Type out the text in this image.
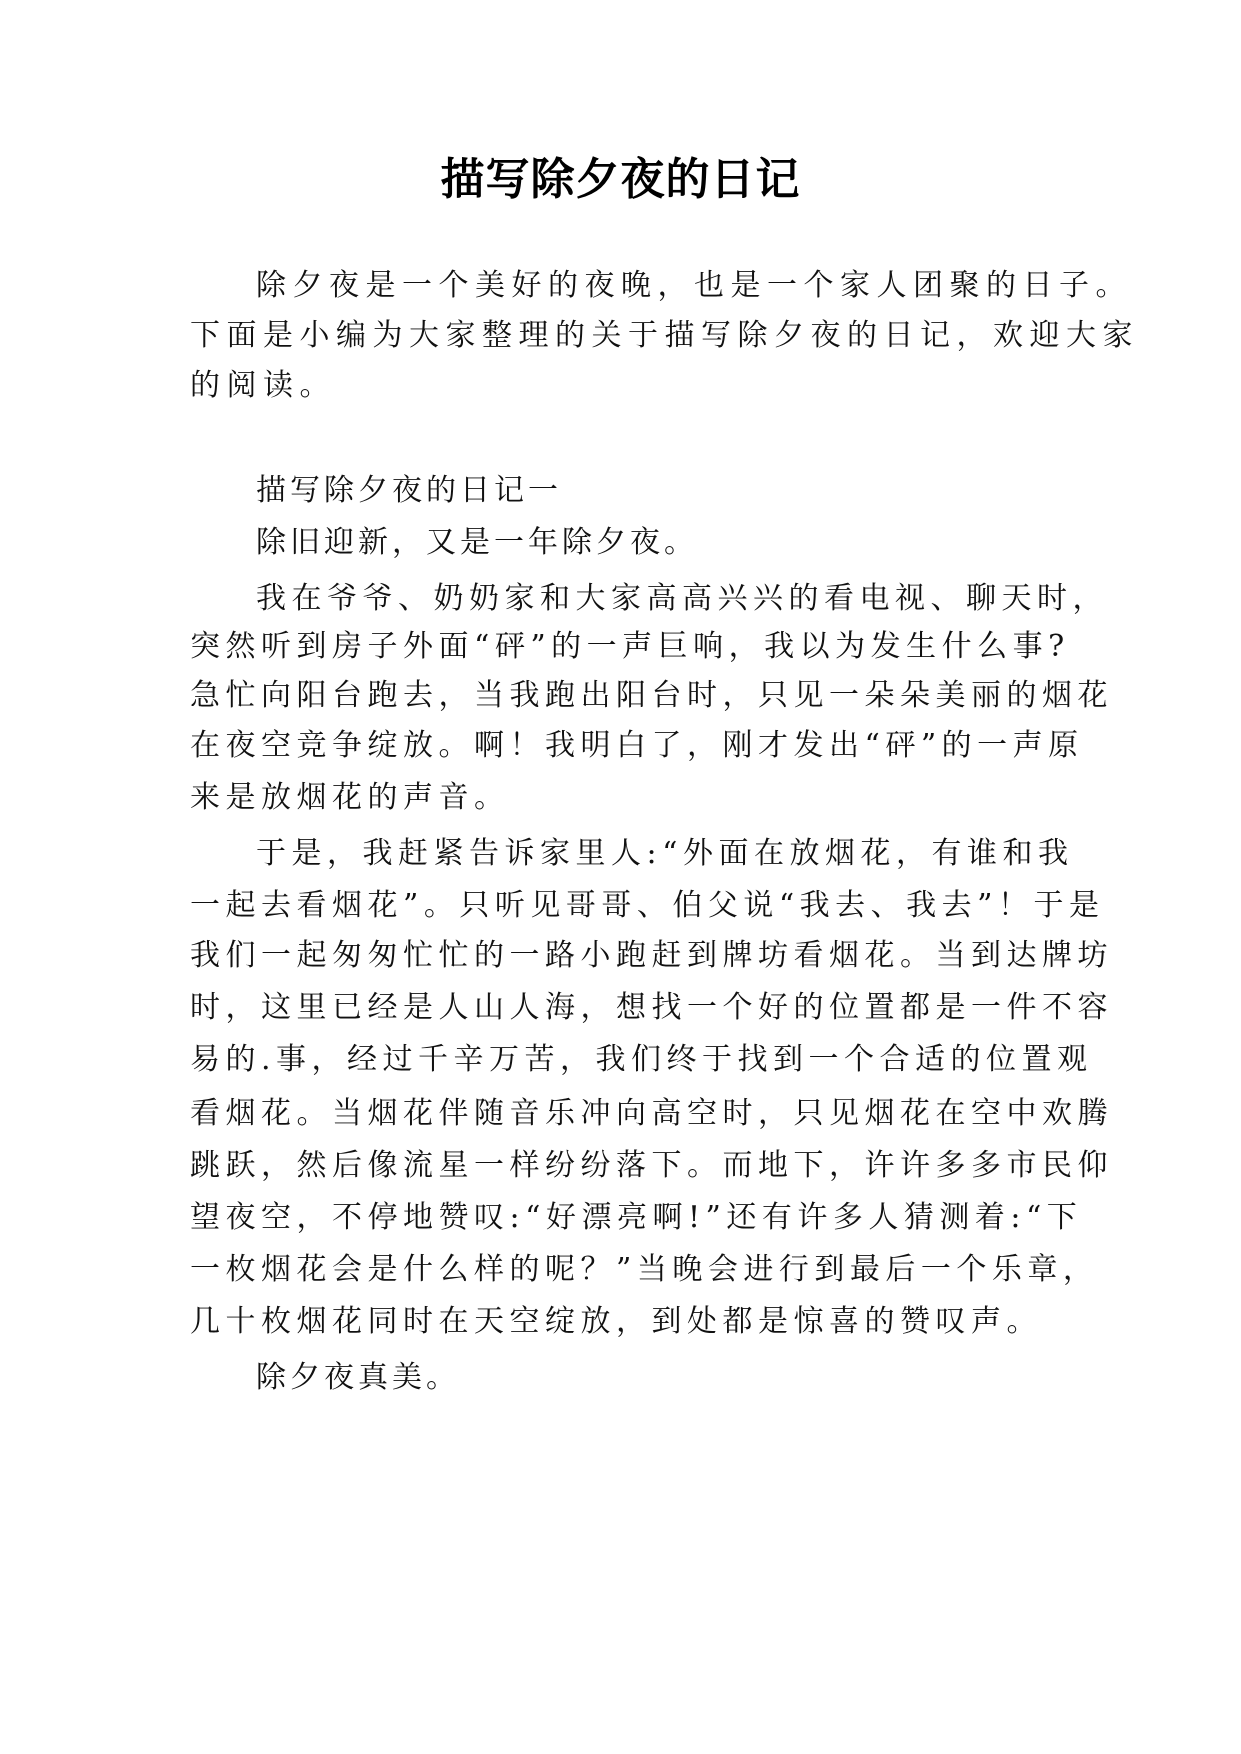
描写除夕夜的日记
除夕夜是一个美好的夜晚，也是一个家人团聚的日子。
下面是小编为大家整理的关于描写除夕夜的日记，欢迎大家
的阅读。
描写除夕夜的日记一
除旧迎新，又是一年除夕夜。
我在爷爷、奶奶家和大家高高兴兴的看电视、聊天时，
突然听到房子外面“砰”的一声巨响，我以为发生什么事?
急忙向阳台跑去，当我跑出阳台时，只见一朵朵美丽的烟花
在夜空竞争绽放。啊！我明白了，刚才发出“砰”的一声原
来是放烟花的声音。
于是，我赶紧告诉家里人:“外面在放烟花，有谁和我
一起去看烟花”。只听见哥哥、伯父说“我去、我去”！于是
我们一起匆匆忙忙的一路小跑赶到牌坊看烟花。当到达牌坊
时，这里已经是人山人海，想找一个好的位置都是一件不容
易的.事，经过千辛万苦，我们终于找到一个合适的位置观
看烟花。当烟花伴随音乐冲向高空时，只见烟花在空中欢腾
跳跃，然后像流星一样纷纷落下。而地下，许许多多市民仰
望夜空，不停地赞叹:“好漂亮啊!”还有许多人猜测着:“下
一枚烟花会是什么样的呢？”当晚会进行到最后一个乐章，
几十枚烟花同时在天空绽放，到处都是惊喜的赞叹声。
除夕夜真美。
